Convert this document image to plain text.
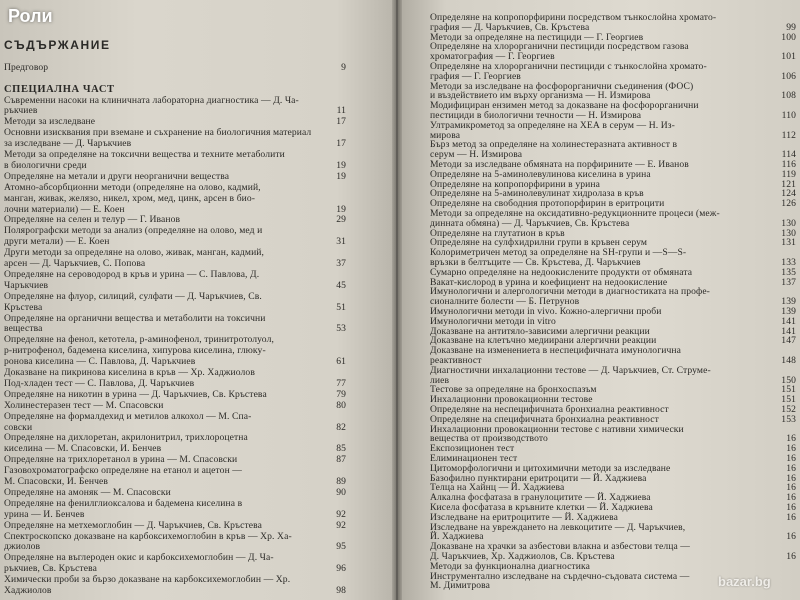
Роли
bazar.bg
СЪДЪРЖАНИЕ
Предговор	9
СПЕЦИАЛНА ЧАСТ
Съвременни насоки на клиничната лабораторна диагностика — Д. Ча-
ръкчиев	11
Методи за изследване	17
Основни изисквания при вземане и съхранение на биологичния материал
за изследване — Д. Чаръкчиев	17
Методи за определяне на токсични вещества и техните метаболити
в биологични среди	19
Определяне на метали и други неорганични вещества	19
Атомно-абсорбционни методи (определяне на олово, кадмий,
манган, живак, желязо, никел, хром, мед, цинк, арсен в био-
лочни материали) — Е. Коен	19
Определяне на селен и телур — Г. Иванов	29
Полярографски методи за анализ (определяне на олово, мед и
други метали) — Е. Коен	31
Други методи за определяне на олово, живак, манган, кадмий,
арсен — Д. Чаръкчиев, С. Попова	37
Определяне на сероводород в кръв и урина — С. Павлова, Д.
Чаръкчиев	45
Определяне на флуор, силиций, сулфати — Д. Чаръкчиев, Св.
Кръстева	51
Определяне на органични вещества и метаболити на токсични
вещества	53
Определяне на фенол, кетотела, р-аминофенол, тринитротолуол,
р-нитрофенол, бадемена киселина, хипурова киселина, глюку-
ронова киселина — С. Павлова, Д. Чаръкчиев	61
Доказване на пикринова киселина в кръв — Хр. Хаджиолов
Под-хладен тест — С. Павлова, Д. Чаръкчиев	77
Определяне на никотин в урина — Д. Чаръкчиев, Св. Кръстева	79
Холинестеразен тест — М. Спасовски	80
Определяне на формалдехид и метилов алкохол — М. Спа-
совски	82
Определяне на дихлоретан, акрилонитрил, трихлороцетна
киселина — М. Спасовски, И. Бенчев	85
Определяне на трихлоретанол в урина — М. Спасовски	87
Газовохроматографско определяне на етанол и ацетон —
М. Спасовски, И. Бенчев	89
Определяне на амоняк — М. Спасовски	90
Определяне на фенилглиоксалова и бадемена киселина в
урина — И. Бенчев	92
Определяне на метхемоглобин — Д. Чаръкчиев, Св. Кръстева	92
Спектроскопско доказване на карбоксихемоглобин в кръв — Хр. Ха-
джиолов	95
Определяне на въглероден окис и карбоксихемоглобин — Д. Ча-
ръкчиев, Св. Кръстева	96
Химически проби за бързо доказване на карбоксихемоглобин — Хр.
Хаджиолов	98
Определяне на копропорфирини посредством тънкослойна хромато-
графия — Д. Чаръкчиев, Св. Кръстева	99
Методи за определяне на пестициди — Г. Георгиев	100
Определяне на хлорорганични пестициди посредством газова
хроматография — Г. Георгиев	101
Определяне на хлорорганични пестициди с тънкослойна хромато-
графия — Г. Георгиев	106
Методи за изследване на фосфорорганични съединения (ФОС)
и въздействието им върху организма — Н. Измирова	108
Модифициран ензимен метод за доказване на фосфорорганични
пестициди в биологични течности — Н. Измирова	110
Ултрамикрометод за определяне на ХЕА в серум — Н. Из-
мирова	112
Бърз метод за определяне на холинестеразната активност в
серум — Н. Измирова	114
Методи за изследване обмяната на порфирините — Е. Иванов	116
Определяне на 5-аминолевулинова киселина в урина	119
Определяне на копропорфирини в урина	121
Определяне на 5-аминолевулинат хидролаза в кръв	124
Определяне на свободния протопорфирин в еритроцити	126
Методи за определяне на оксидативно-редукционните процеси (меж-
динната обмяна) — Д. Чаръкчиев, Св. Кръстева	130
Определяне на глутатион в кръв	130
Определяне на сулфхидрилни групи в кръвен серум	131
Колориметричен метод за определяне на SH-групи и —S—S-
връзки в белтъците — Св. Кръстева, Д. Чаръкчиев	133
Сумарно определяне на недоокислените продукти от обмяната	135
Вакат-кислород в урина и коефициент на недоокисление	137
Имунологични и алергологични методи в диагностиката на профе-
сионалните болести — Б. Петрунов	139
Имунологични методи in vivo. Кожно-алергични проби	139
Имунологични методи in vitro	141
Доказване на антитяло-зависими алергични реакции	141
Доказване на клетъчно медиирани алергични реакции	147
Доказване на изменениeта в неспецифичната имунологична
реактивност	148
Диагностични инхалационни тестове — Д. Чаръкчиев, Ст. Струме-
лиев	150
Тестове за определяне на бронхоспазъм	151
Инхалационни провокационни тестове	151
Определяне на неспецифичната бронхиална реактивност	152
Определяне на специфичната бронхиална реактивност	153
Инхалационни провокационни тестове с нативни химически
вещества от производството	16
Експозиционен тест	16
Елиминационен тест	16
Цитоморфологични и цитохимични методи за изследване	16
Базофилно пунктирани еритроцити — Й. Хаджиева	16
Телца на Хайнц — Й. Хаджиева	16
Алкална фосфатаза в гранулоцитите — Й. Хаджиева	16
Кисела фосфатаза в кръвните клетки — Й. Хаджиева	16
Изследване на еритроцитите — Й. Хаджиева	16
Изследване на увреждането на левкоцитите — Д. Чаръкчиев,
Й. Хаджиева	16
Доказване на храчки за азбестови влакна и азбестови телца —
Д. Чаръкчиев, Хр. Хаджиолов, Св. Кръстева	16
Методи за функционална диагностика
Инструментално изследване на сърдечно-съдовата система —
М. Димитрова
